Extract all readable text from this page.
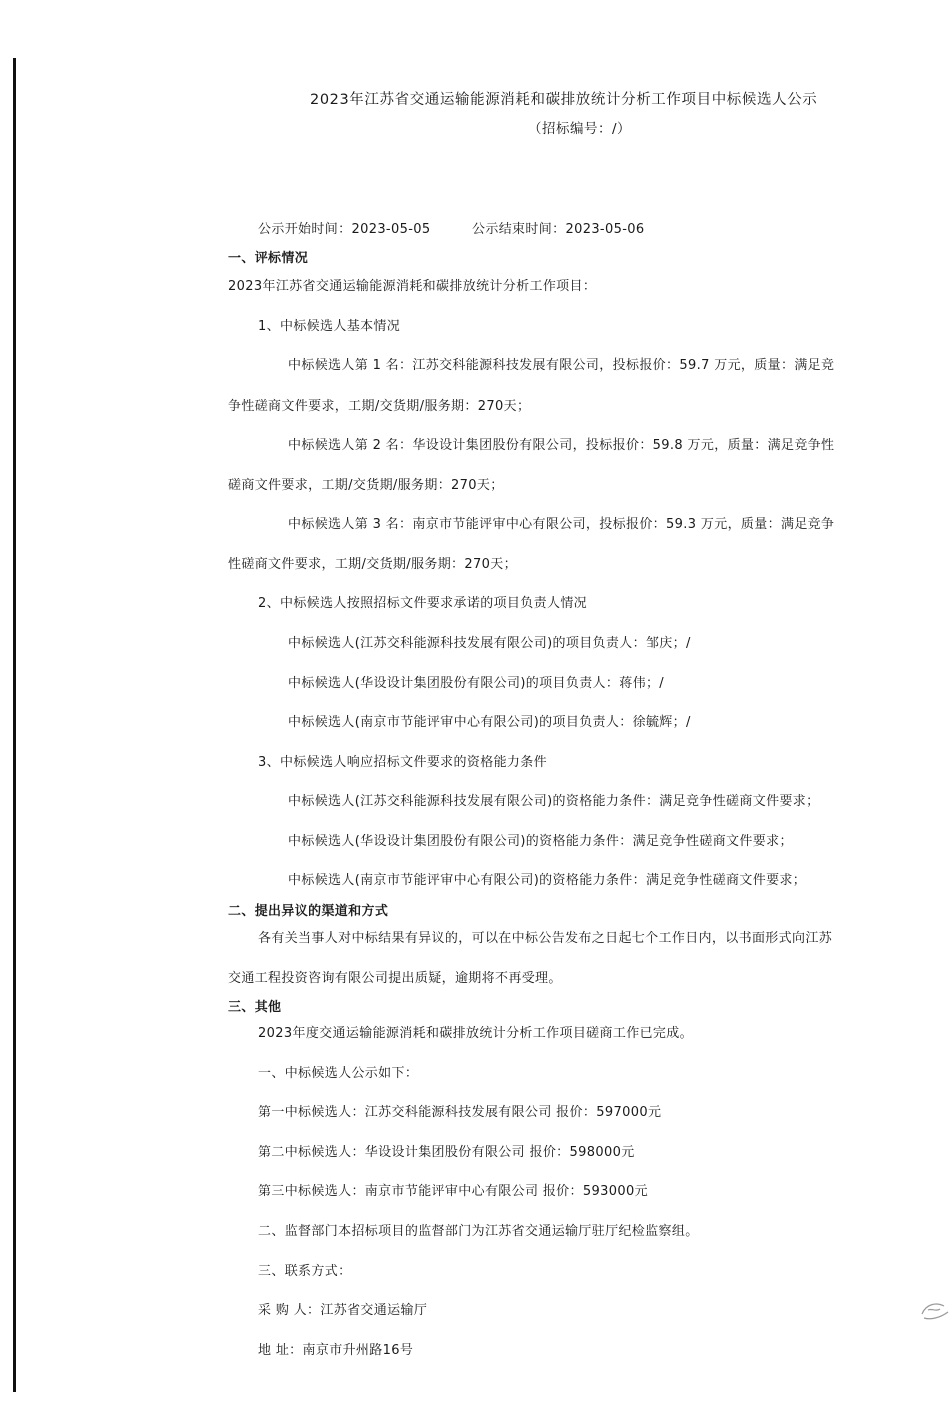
2023年江苏省交通运输能源消耗和碳排放统计分析工作项目中标候选人公示
（招标编号：/）
公示开始时间：2023-05-05	公示结束时间：2023-05-06
一、评标情况
2023年江苏省交通运输能源消耗和碳排放统计分析工作项目：
1、中标候选人基本情况
中标候选人第 1 名：江苏交科能源科技发展有限公司，投标报价：59.7 万元，质量：满足竞
争性磋商文件要求，工期/交货期/服务期：270天；
中标候选人第 2 名：华设设计集团股份有限公司，投标报价：59.8 万元，质量：满足竞争性
磋商文件要求，工期/交货期/服务期：270天；
中标候选人第 3 名：南京市节能评审中心有限公司，投标报价：59.3 万元，质量：满足竞争
性磋商文件要求，工期/交货期/服务期：270天；
2、中标候选人按照招标文件要求承诺的项目负责人情况
中标候选人(江苏交科能源科技发展有限公司)的项目负责人：邹庆；/
中标候选人(华设设计集团股份有限公司)的项目负责人：蒋伟；/
中标候选人(南京市节能评审中心有限公司)的项目负责人：徐毓辉；/
3、中标候选人响应招标文件要求的资格能力条件
中标候选人(江苏交科能源科技发展有限公司)的资格能力条件：满足竞争性磋商文件要求；
中标候选人(华设设计集团股份有限公司)的资格能力条件：满足竞争性磋商文件要求；
中标候选人(南京市节能评审中心有限公司)的资格能力条件：满足竞争性磋商文件要求；
二、提出异议的渠道和方式
各有关当事人对中标结果有异议的，可以在中标公告发布之日起七个工作日内，以书面形式向江苏
交通工程投资咨询有限公司提出质疑，逾期将不再受理。
三、其他
2023年度交通运输能源消耗和碳排放统计分析工作项目磋商工作已完成。
一、中标候选人公示如下：
第一中标候选人：江苏交科能源科技发展有限公司 报价：597000元
第二中标候选人：华设设计集团股份有限公司 报价：598000元
第三中标候选人：南京市节能评审中心有限公司 报价：593000元
二、监督部门本招标项目的监督部门为江苏省交通运输厅驻厅纪检监察组。
三、联系方式：
采 购 人：江苏省交通运输厅
地 址：南京市升州路16号
